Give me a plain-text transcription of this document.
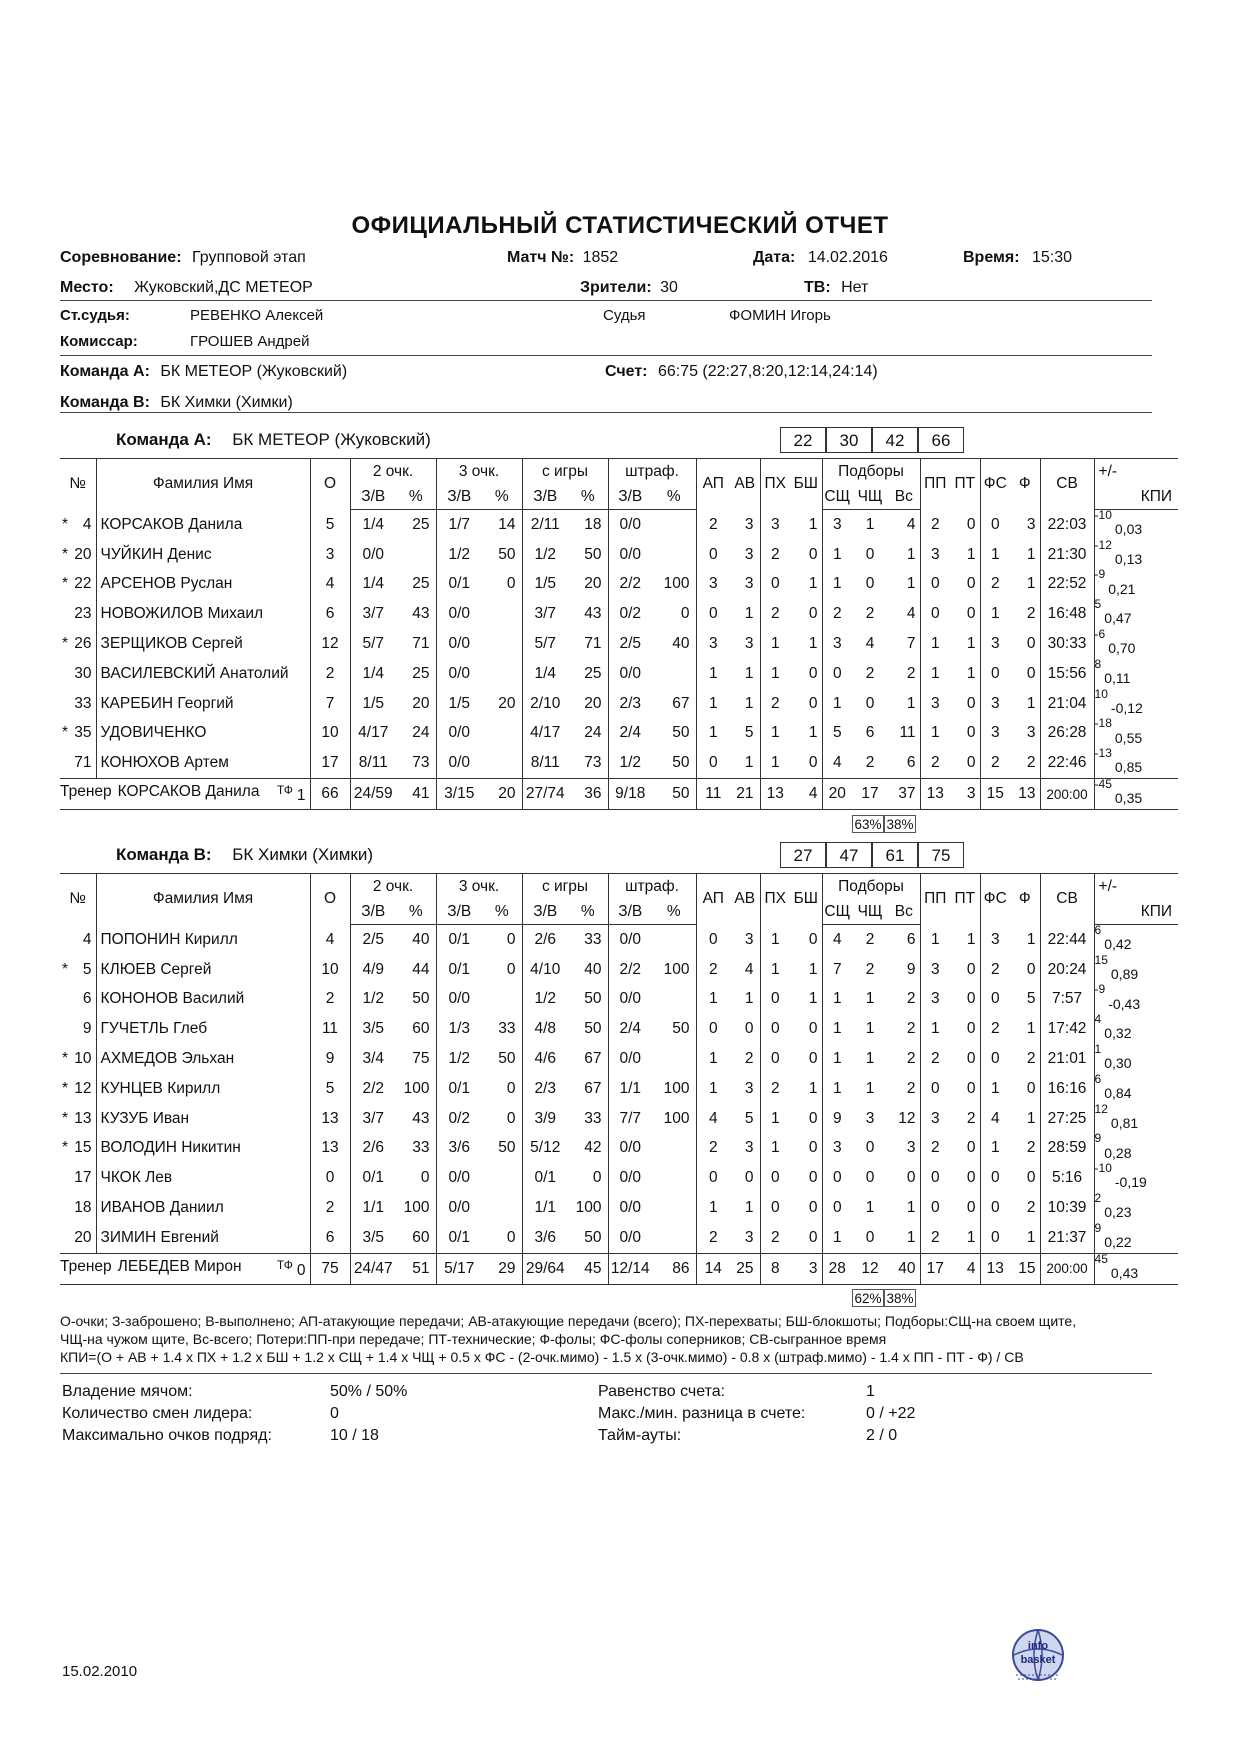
ОФИЦИАЛЬНЫЙ СТАТИСТИЧЕСКИЙ ОТЧЕТ
Соревнование: Групповой этап	Матч №: 1852	Дата: 14.02.2016	Время: 15:30
Место: Жуковский,ДС МЕТЕОР	Зрители: 30	ТВ: Нет
Ст.судья:	РЕВЕНКО Алексей	Судья	ФОМИН Игорь
Комиссар:	ГРОШЕВ Андрей
Команда А: БК МЕТЕОР (Жуковский)	Счет: 66:75 (22:27,8:20,12:14,24:14)
Команда В: БК Химки (Химки)
Команда А: БК МЕТЕОР (Жуковский)	22	30	42	66
№	Фамилия Имя	О	2 очк.		3 очк.		с игры		штраф.		АП	АВ	ПХ	БШ	Подборы			ПП	ПТ	ФС	Ф	СВ	+/-
			З/В	%	З/В	%	З/В	%	З/В	%					СЩ	ЧЩ	Вс						КПИ

* 4	КОРСАКОВ Данила	5	1/4	25	1/7	14	2/11	18	0/0		2	3	3	1	3	1	4	2	0	0	3	22:03	$^{-10}$0,03

* 20	ЧУЙКИН Денис	3	0/0		1/2	50	1/2	50	0/0		0	3	2	0	1	0	1	3	1	1	1	21:30	$^{-12}$0,13

* 22	АРСЕНОВ Руслан	4	1/4	25	0/1	0	1/5	20	2/2	100	3	3	0	1	1	0	1	0	0	2	1	22:52	$^{-9}$0,21

23	НОВОЖИЛОВ Михаил	6	3/7	43	0/0		3/7	43	0/2	0	0	1	2	0	2	2	4	0	0	1	2	16:48	$^5$0,47

* 26	ЗЕРЩИКОВ Сергей	12	5/7	71	0/0		5/7	71	2/5	40	3	3	1	1	3	4	7	1	1	3	0	30:33	$^{-6}$0,70

30	ВАСИЛЕВСКИЙ Анатолий	2	1/4	25	0/0		1/4	25	0/0		1	1	1	0	0	2	2	1	1	0	0	15:56	$^8$0,11

33	КАРЕБИН Георгий	7	1/5	20	1/5	20	2/10	20	2/3	67	1	1	2	0	1	0	1	3	0	3	1	21:04	$^{10}$-0,12

* 35	УДОВИЧЕНКО	10	4/17	24	0/0		4/17	24	2/4	50	1	5	1	1	5	6	11	1	0	3	3	26:28	$^{-18}$0,55

71	КОНЮХОВ Артем	17	8/11	73	0/0		8/11	73	1/2	50	0	1	1	0	4	2	6	2	0	2	2	22:46	$^{-13}$0,85
Тренер КОРСАКОВ Данила $^{ТФ}$ 1		66	24/59	41	3/15	20	27/74	36	9/18	50	11	21	13	4	20	17	37	13	3	15	13	200:00	$^{-45}$0,35
63% 38%
Команда В: БК Химки (Химки)	27	47	61	75
№	Фамилия Имя	О	2 очк.		3 очк.		с игры		штраф.		АП	АВ	ПХ	БШ	Подборы			ПП	ПТ	ФС	Ф	СВ	+/-
			З/В	%	З/В	%	З/В	%	З/В	%					СЩ	ЧЩ	Вс						КПИ

4	ПОПОНИН Кирилл	4	2/5	40	0/1	0	2/6	33	0/0		0	3	1	0	4	2	6	1	1	3	1	22:44	$^6$0,42

* 5	КЛЮЕВ Сергей	10	4/9	44	0/1	0	4/10	40	2/2	100	2	4	1	1	7	2	9	3	0	2	0	20:24	$^{15}$0,89

6	КОНОНОВ Василий	2	1/2	50	0/0		1/2	50	0/0		1	1	0	1	1	1	2	3	0	0	5	7:57	$^{-9}$-0,43

9	ГУЧЕТЛЬ Глеб	11	3/5	60	1/3	33	4/8	50	2/4	50	0	0	0	0	1	1	2	1	0	2	1	17:42	$^4$0,32

* 10	АХМЕДОВ Эльхан	9	3/4	75	1/2	50	4/6	67	0/0		1	2	0	0	1	1	2	2	0	0	2	21:01	$^1$0,30

* 12	КУНЦЕВ Кирилл	5	2/2	100	0/1	0	2/3	67	1/1	100	1	3	2	1	1	1	2	0	0	1	0	16:16	$^6$0,84

* 13	КУЗУБ Иван	13	3/7	43	0/2	0	3/9	33	7/7	100	4	5	1	0	9	3	12	3	2	4	1	27:25	$^{12}$0,81

* 15	ВОЛОДИН Никитин	13	2/6	33	3/6	50	5/12	42	0/0		2	3	1	0	3	0	3	2	0	1	2	28:59	$^9$0,28

17	ЧКОК Лев	0	0/1	0	0/0		0/1	0	0/0		0	0	0	0	0	0	0	0	0	0	0	5:16	$^{-10}$-0,19

18	ИВАНОВ Даниил	2	1/1	100	0/0		1/1	100	0/0		1	1	0	0	0	1	1	0	0	0	2	10:39	$^2$0,23

20	ЗИМИН Евгений	6	3/5	60	0/1	0	3/6	50	0/0		2	3	2	0	1	0	1	2	1	0	1	21:37	$^9$0,22
Тренер ЛЕБЕДЕВ Мирон $^{ТФ}$ 0		75	24/47	51	5/17	29	29/64	45	12/14	86	14	25	8	3	28	12	40	17	4	13	15	200:00	$^{45}$0,43
62% 38%
О-очки; З-заброшено; В-выполнено; АП-атакующие передачи; АВ-атакующие передачи (всего); ПХ-перехваты; БШ-блокшоты; Подборы:СЩ-на своем щите,
ЧЩ-на чужом щите, Вс-всего; Потери:ПП-при передаче; ПТ-технические; Ф-фолы; ФС-фолы соперников; СВ-сыгранное время
КПИ=(О + АВ + 1.4 х ПХ + 1.2 х БШ + 1.2 х СЩ + 1.4 х ЧЩ + 0.5 х ФС - (2-очк.мимо) - 1.5 х (3-очк.мимо) - 0.8 х (штраф.мимо) - 1.4 х ПП - ПТ - Ф) / СВ
Владение мячом:	50% / 50%
Количество смен лидера:	0
Максимально очков подряд:	10 / 18
Равенство счета:	1
Макс./мин. разница в счете:	0 / +22
Тайм-ауты:	2 / 0
15.02.2010
info
basket
